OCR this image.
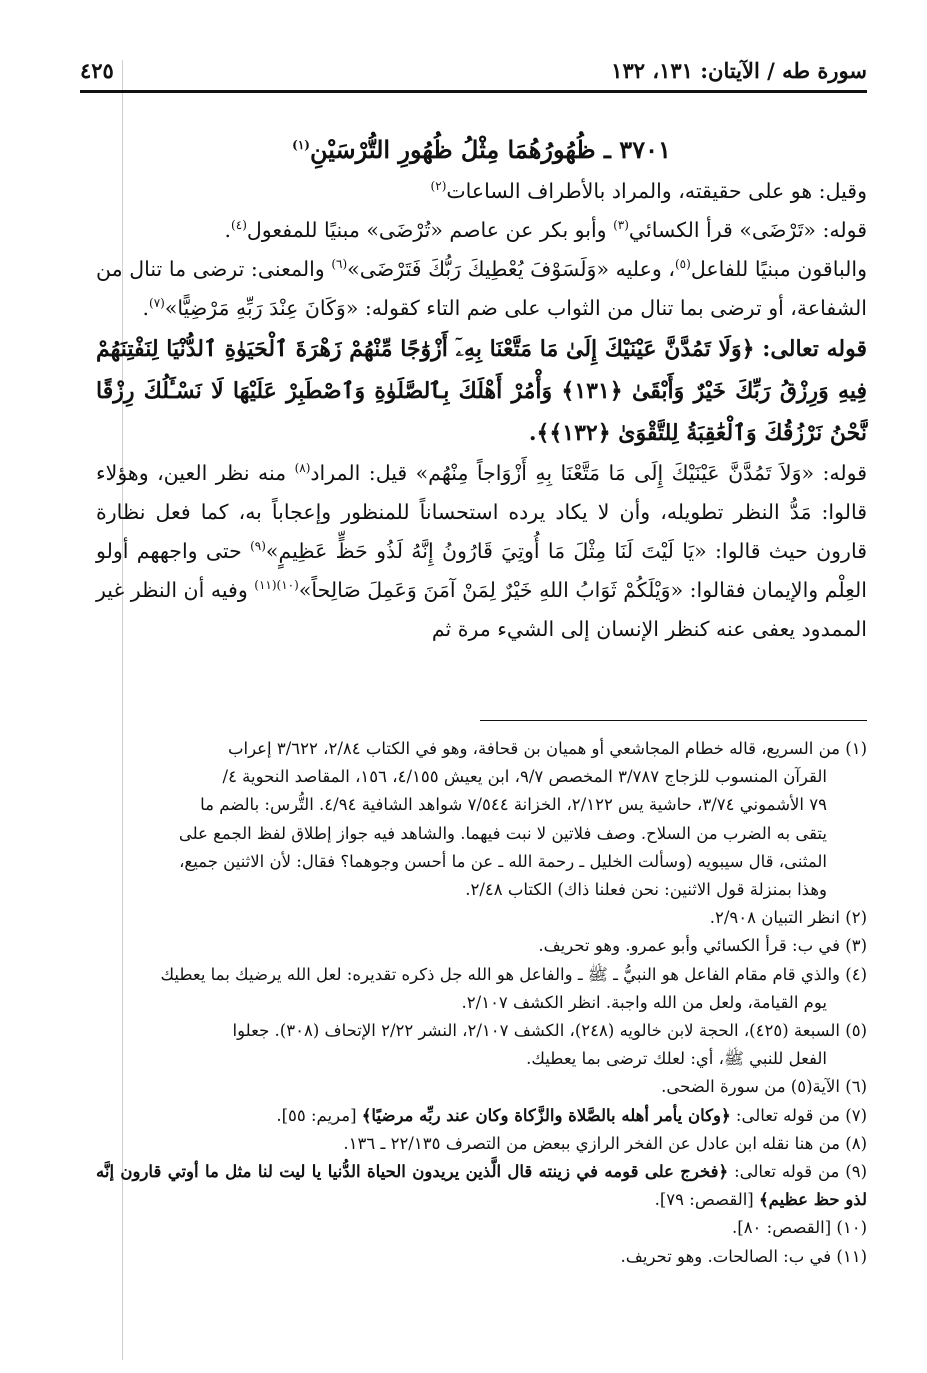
سورة طه / الآيتان: ١٣١، ١٣٢
٤٢٥

٣٧٠١ ـ ظُهُورُهُمَا مِثْلُ ظُهُورِ التُّرْسَيْنِ$^{(١)}$

وقيل: هو على حقيقته، والمراد بالأطراف الساعات$^{(٢)}$

قوله: «تَرْضَى» قرأ الكسائي$^{(٣)}$ وأبو بكر عن عاصم «تُرْضَى» مبنيًا للمفعول$^{(٤)}$.

والباقون مبنيًا للفاعل$^{(٥)}$، وعليه «وَلَسَوْفَ يُعْطِيكَ رَبُّكَ فَتَرْضَى»$^{(٦)}$ والمعنى: ترضى ما تنال من الشفاعة، أو ترضى بما تنال من الثواب على ضم التاء كقوله: «وَكَانَ عِنْدَ رَبِّهِ مَرْضِيًّا»$^{(٧)}$.

قوله تعالى: ﴿وَلَا تَمُدَّنَّ عَيْنَيْكَ إِلَىٰ مَا مَتَّعْنَا بِهِۦٓ أَزْوَٰجًا مِّنْهُمْ زَهْرَةَ ٱلْحَيَوٰةِ ٱلدُّنْيَا لِنَفْتِنَهُمْ فِيهِ وَرِزْقُ رَبِّكَ خَيْرٌ وَأَبْقَىٰ ﴿١٣١﴾ وَأْمُرْ أَهْلَكَ بِٱلصَّلَوٰةِ وَٱصْطَبِرْ عَلَيْهَا لَا نَسْـَٔلُكَ رِزْقًا نَّحْنُ نَرْزُقُكَ وَٱلْعَٰقِبَةُ لِلتَّقْوَىٰ ﴿١٣٢﴾﴾.

قوله: «وَلاَ تَمُدَّنَّ عَيْنَيْكَ إِلَى مَا مَتَّعْنَا بِهِ أَزْوَاجاً مِنْهُم» قيل: المراد$^{(٨)}$ منه نظر العين، وهؤلاء قالوا: مَدُّ النظر تطويله، وأن لا يكاد يرده استحساناً للمنظور وإعجاباً به، كما فعل نظارة قارون حيث قالوا: «يَا لَيْتَ لَنَا مِثْلَ مَا أُوتِيَ قَارُونُ إِنَّهُ لَذُو حَظٍّ عَظِيمٍ»$^{(٩)}$ حتى واجههم أولو العِلْم والإيمان فقالوا: «وَيْلَكُمْ ثَوَابُ اللهِ خَيْرٌ لِمَنْ آمَنَ وَعَمِلَ صَالِحاً»$^{(١٠)(١١)}$ وفيه أن النظر غير الممدود يعفى عنه كنظر الإنسان إلى الشيء مرة ثم

(١) من السريع، قاله خطام المجاشعي أو هميان بن قحافة، وهو في الكتاب ٢/٨٤، ٣/٦٢٢ إعراب

القرآن المنسوب للزجاج ٣/٧٨٧ المخصص ٩/٧، ابن يعيش ٤/١٥٥، ١٥٦، المقاصد النحوية ٤/

٧٩ الأشموني ٣/٧٤، حاشية يس ٢/١٢٢، الخزانة ٧/٥٤٤ شواهد الشافية ٤/٩٤. التُّرس: بالضم ما

يتقى به الضرب من السلاح. وصف فلاتين لا نبت فيهما. والشاهد فيه جواز إطلاق لفظ الجمع على

المثنى، قال سيبويه (وسألت الخليل ـ رحمة الله ـ عن ما أحسن وجوهما؟ فقال: لأن الاثنين جميع،

وهذا بمنزلة قول الاثنين: نحن فعلنا ذاك) الكتاب ٢/٤٨.

(٢) انظر التبيان ٢/٩٠٨.

(٣) في ب: قرأ الكسائي وأبو عمرو. وهو تحريف.

(٤) والذي قام مقام الفاعل هو النبيُّ ـ ﷺ ـ والفاعل هو الله جل ذكره تقديره: لعل الله يرضيك بما يعطيك

يوم القيامة، ولعل من الله واجبة. انظر الكشف ٢/١٠٧.

(٥) السبعة (٤٢٥)، الحجة لابن خالويه (٢٤٨)، الكشف ٢/١٠٧، النشر ٢/٢٢ الإتحاف (٣٠٨). جعلوا

الفعل للنبي ﷺ، أي: لعلك ترضى بما يعطيك.

(٦) الآية(٥) من سورة الضحى.

(٧) من قوله تعالى: ﴿وكان يأمر أهله بالصَّلاة والزَّكاة وكان عند ربِّه مرضيًا﴾ [مريم: ٥٥].

(٨) من هنا نقله ابن عادل عن الفخر الرازي ببعض من التصرف ٢٢/١٣٥ ـ ١٣٦.

(٩) من قوله تعالى: ﴿فخرج على قومه في زينته قال الَّذين يريدون الحياة الدُّنيا يا ليت لنا مثل ما أوتي قارون إنَّه لذو حظ عظيم﴾ [القصص: ٧٩].

(١٠) [القصص: ٨٠].

(١١) في ب: الصالحات. وهو تحريف.
